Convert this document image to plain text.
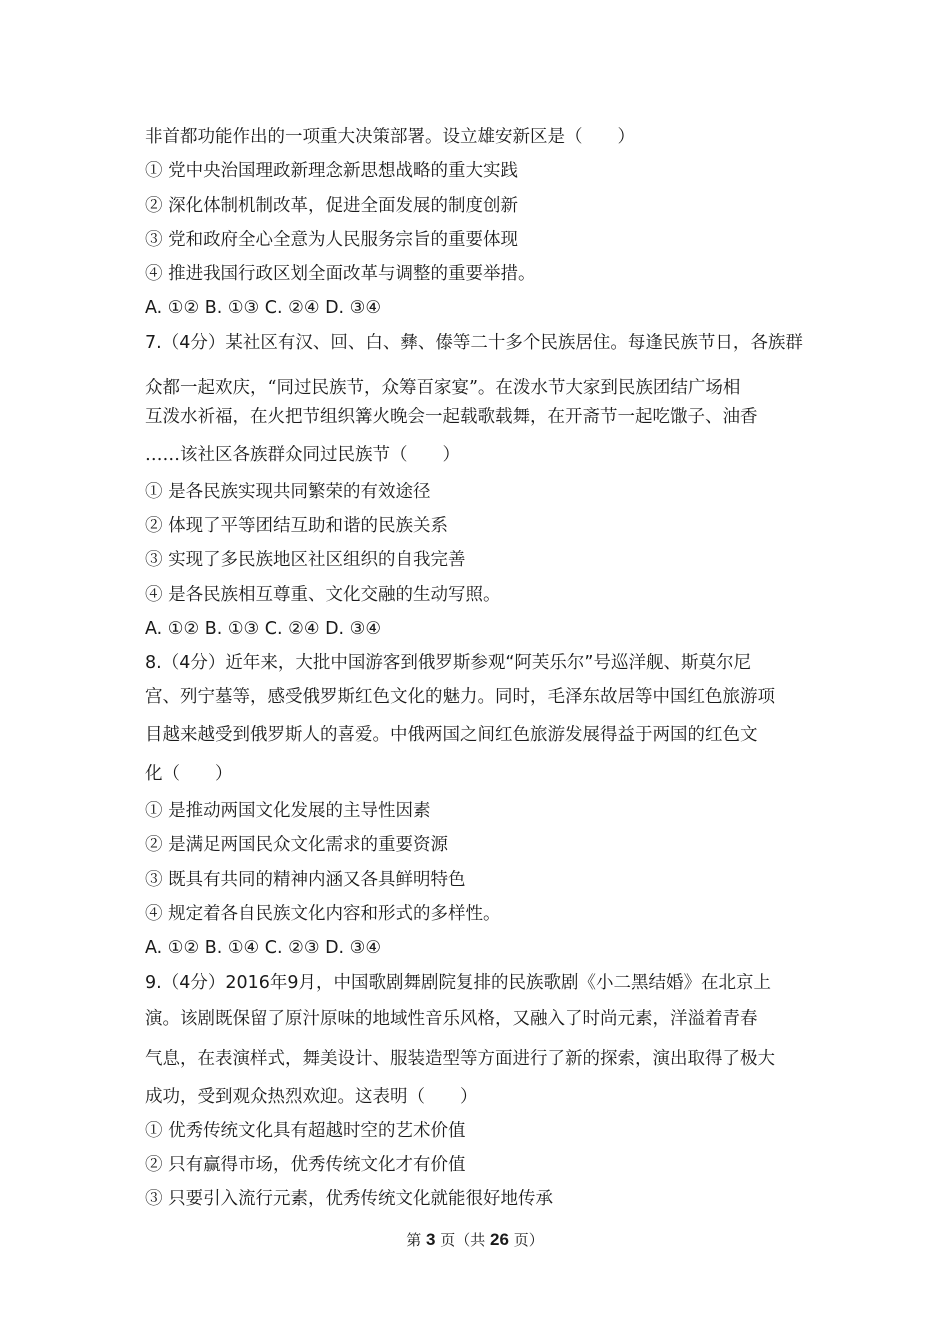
非首都功能作出的一项重大决策部署。设立雄安新区是（　　）
① 党中央治国理政新理念新思想战略的重大实践
② 深化体制机制改革，促进全面发展的制度创新
③ 党和政府全心全意为人民服务宗旨的重要体现
④ 推进我国行政区划全面改革与调整的重要举措。
A. ①② B. ①③ C. ②④ D. ③④
7.（4分）某社区有汉、回、白、彝、傣等二十多个民族居住。每逢民族节日，各族群
众都一起欢庆，“同过民族节，众筹百家宴”。在泼水节大家到民族团结广场相
互泼水祈福，在火把节组织篝火晚会一起载歌载舞，在开斋节一起吃馓子、油香
……该社区各族群众同过民族节（　　）
① 是各民族实现共同繁荣的有效途径
② 体现了平等团结互助和谐的民族关系
③ 实现了多民族地区社区组织的自我完善
④ 是各民族相互尊重、文化交融的生动写照。
A. ①② B. ①③ C. ②④ D. ③④
8.（4分）近年来，大批中国游客到俄罗斯参观“阿芙乐尔”号巡洋舰、斯莫尔尼
宫、列宁墓等，感受俄罗斯红色文化的魅力。同时，毛泽东故居等中国红色旅游项
目越来越受到俄罗斯人的喜爱。中俄两国之间红色旅游发展得益于两国的红色文
化（　　）
① 是推动两国文化发展的主导性因素
② 是满足两国民众文化需求的重要资源
③ 既具有共同的精神内涵又各具鲜明特色
④ 规定着各自民族文化内容和形式的多样性。
A. ①② B. ①④ C. ②③ D. ③④
9.（4分）2016年9月，中国歌剧舞剧院复排的民族歌剧《小二黑结婚》在北京上
演。该剧既保留了原汁原味的地域性音乐风格，又融入了时尚元素，洋溢着青春
气息，在表演样式，舞美设计、服装造型等方面进行了新的探索，演出取得了极大
成功，受到观众热烈欢迎。这表明（　　）
① 优秀传统文化具有超越时空的艺术价值
② 只有赢得市场，优秀传统文化才有价值
③ 只要引入流行元素，优秀传统文化就能很好地传承
第 3 页（共 26 页）
